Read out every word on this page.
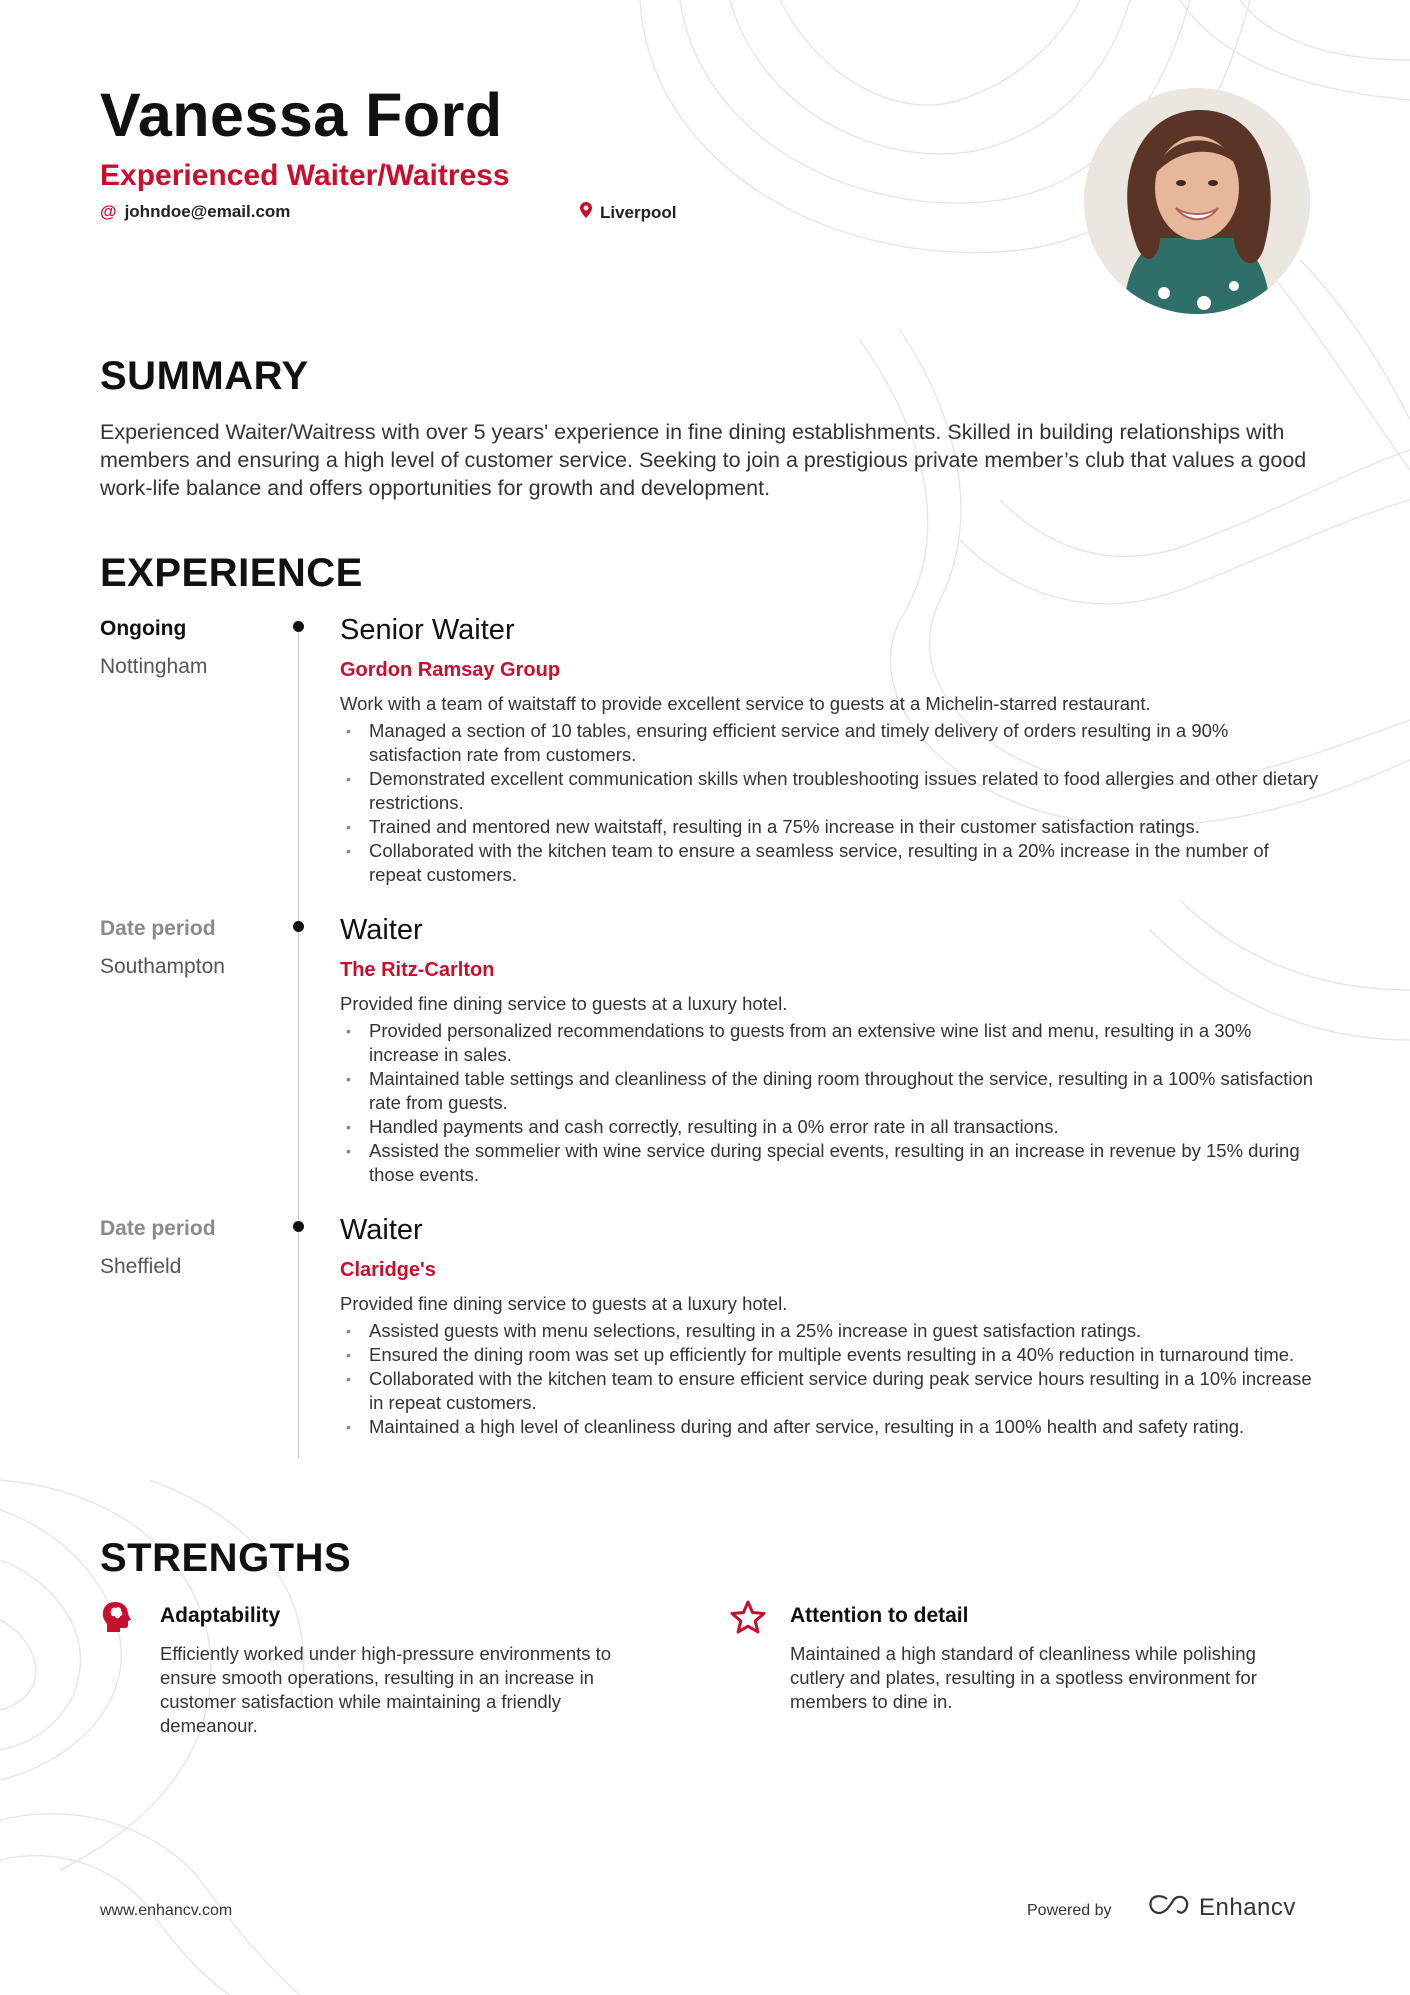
Vanessa Ford
Experienced Waiter/Waitress
@ johndoe@email.com	Liverpool
SUMMARY

Experienced Waiter/Waitress with over 5 years' experience in fine dining establishments. Skilled in building relationships with members and ensuring a high level of customer service. Seeking to join a prestigious private member’s club that values a good work-life balance and offers opportunities for growth and development.

EXPERIENCE
Ongoing
Nottingham
Senior Waiter
Gordon Ramsay Group
Work with a team of waitstaff to provide excellent service to guests at a Michelin-starred restaurant.
• Managed a section of 10 tables, ensuring efficient service and timely delivery of orders resulting in a 90% satisfaction rate from customers.
• Demonstrated excellent communication skills when troubleshooting issues related to food allergies and other dietary restrictions.
• Trained and mentored new waitstaff, resulting in a 75% increase in their customer satisfaction ratings.
• Collaborated with the kitchen team to ensure a seamless service, resulting in a 20% increase in the number of repeat customers.
Date period
Southampton
Waiter
The Ritz-Carlton
Provided fine dining service to guests at a luxury hotel.
• Provided personalized recommendations to guests from an extensive wine list and menu, resulting in a 30% increase in sales.
• Maintained table settings and cleanliness of the dining room throughout the service, resulting in a 100% satisfaction rate from guests.
• Handled payments and cash correctly, resulting in a 0% error rate in all transactions.
• Assisted the sommelier with wine service during special events, resulting in an increase in revenue by 15% during those events.
Date period
Sheffield
Waiter
Claridge's
Provided fine dining service to guests at a luxury hotel.
• Assisted guests with menu selections, resulting in a 25% increase in guest satisfaction ratings.
• Ensured the dining room was set up efficiently for multiple events resulting in a 40% reduction in turnaround time.
• Collaborated with the kitchen team to ensure efficient service during peak service hours resulting in a 10% increase in repeat customers.
• Maintained a high level of cleanliness during and after service, resulting in a 100% health and safety rating.
STRENGTHS
Adaptability

Efficiently worked under high-pressure environments to ensure smooth operations, resulting in an increase in customer satisfaction while maintaining a friendly demeanour.

Attention to detail

Maintained a high standard of cleanliness while polishing cutlery and plates, resulting in a spotless environment for members to dine in.

www.enhancv.com	Powered by	Enhancv
